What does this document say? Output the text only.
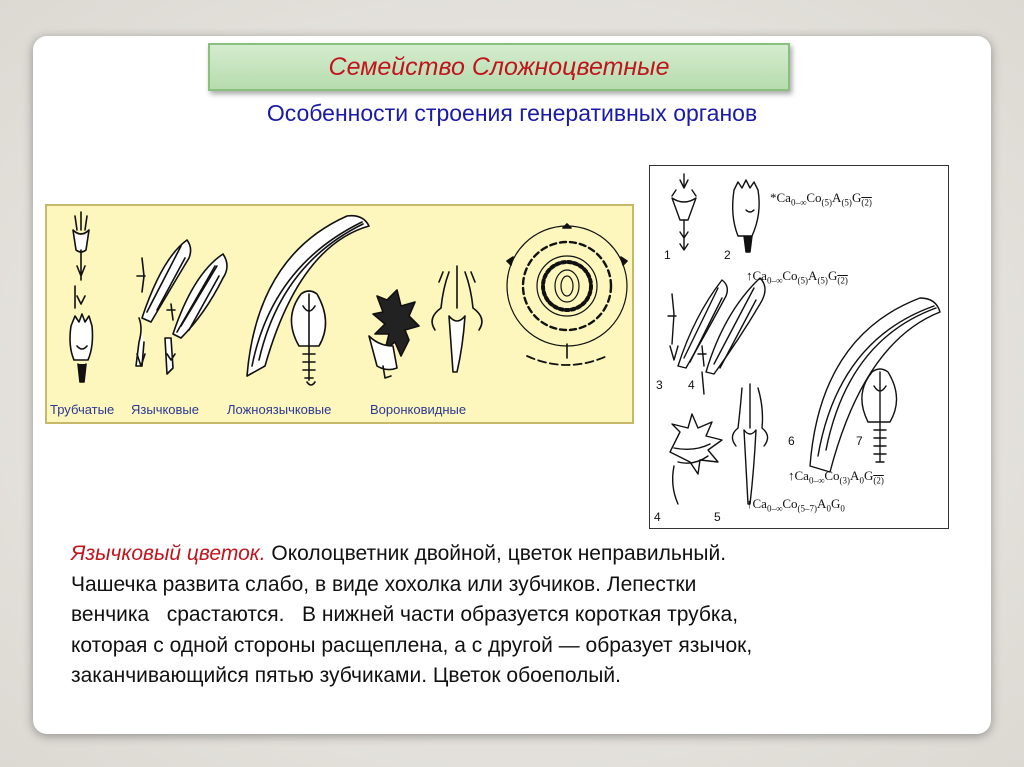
Семейство Сложноцветные
Особенности строения генеративных органов
Трубчатые Язычковые Ложноязычковые	Воронковидные
1	2
3 4
5
6	7
4
$*Ca_{0-\infty}Co_{(5)}A_{(5)}G_{(2)}$
$↑Ca_{0-\infty}Co_{(5)}A_{(5)}G_{(2)}$
$↑Ca_{0-\infty}Co_{(3)}A_0G_{(2)}$
$↑Ca_{0-\infty}Co_{(5-7)}A_0G_0$
Язычковый цветок. Околоцветник двойной, цветок неправильный.
Чашечка развита слабо, в виде хохолка или зубчиков. Лепестки
венчика   срастаются.   В нижней части образуется короткая трубка,
которая с одной стороны расщеплена, а с другой — образует язычок,
заканчивающийся пятью зубчиками. Цветок обоеполый.
